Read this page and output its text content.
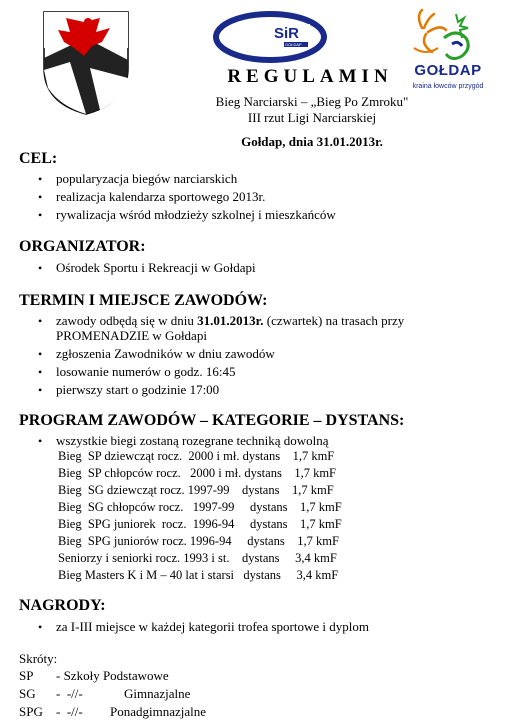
SiR
GOŁDAP
GOŁDAP
kraina łowców przygód
REGULAMIN
Bieg Narciarski – „Bieg Po Zmroku"
III rzut Ligi Narciarskiej
Gołdap, dnia 31.01.2013r.
CEL:
• popularyzacja biegów narciarskich
• realizacja kalendarza sportowego 2013r.
• rywalizacja wśród młodzieży szkolnej i mieszkańców
ORGANIZATOR:
• Ośrodek Sportu i Rekreacji w Gołdapi
TERMIN I MIEJSCE ZAWODÓW:
• zawody odbędą się w dniu 31.01.2013r. (czwartek) na trasach przy
PROMENADZIE w Gołdapi
• zgłoszenia Zawodników w dniu zawodów
• losowanie numerów o godz. 16:45
• pierwszy start o godzinie 17:00
PROGRAM ZAWODÓW – KATEGORIE – DYSTANS:
• wszystkie biegi zostaną rozegrane techniką dowolną
Bieg  SP dziewcząt rocz.  2000 i mł. dystans    1,7 kmF
Bieg  SP chłopców rocz.   2000 i mł. dystans    1,7 kmF
Bieg  SG dziewcząt rocz. 1997-99    dystans    1,7 kmF
Bieg  SG chłopców rocz.   1997-99     dystans    1,7 kmF
Bieg  SPG juniorek  rocz.  1996-94     dystans    1,7 kmF
Bieg  SPG juniorów rocz. 1996-94     dystans    1,7 kmF
Seniorzy i seniorki rocz. 1993 i st.    dystans     3,4 kmF
Bieg Masters K i M – 40 lat i starsi   dystans     3,4 kmF
NAGRODY:
• za I-III miejsce w każdej kategorii trofea sportowe i dyplom
Skróty:
SP - Szkoły Podstawowe
SG -  -//-	Gimnazjalne
SPG -  -//- Ponadgimnazjalne
